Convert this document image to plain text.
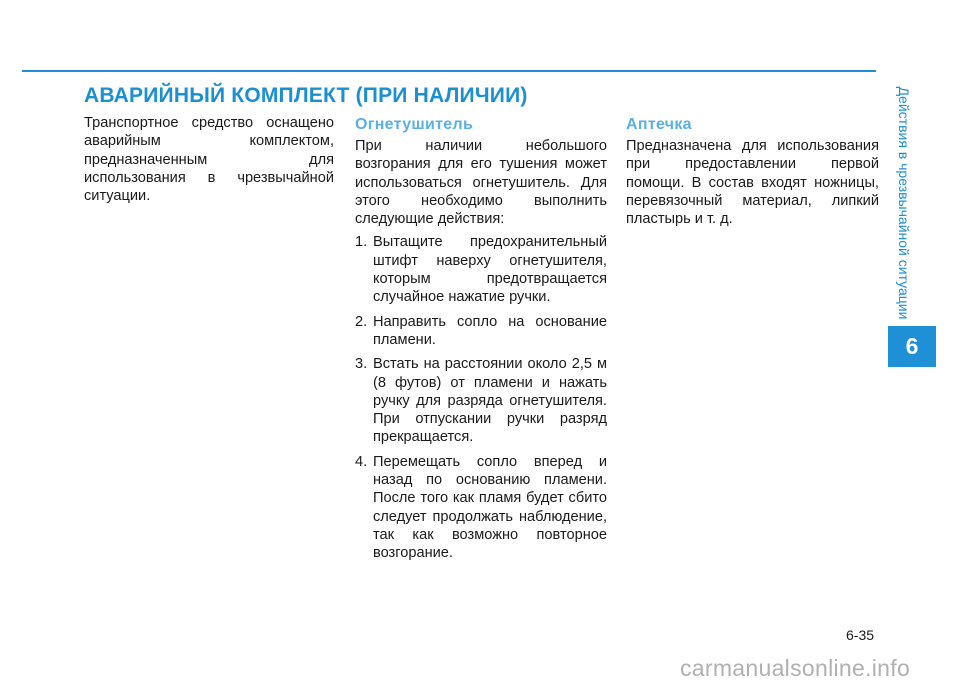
АВАРИЙНЫЙ КОМПЛЕКТ (ПРИ НАЛИЧИИ)

Транспортное средство оснащено аварийным комплектом, предназначенным для использования в чрезвычайной ситуации.

Огнетушитель

При наличии небольшого возгорания для его тушения может использоваться огнетушитель. Для этого необходимо выполнить следующие действия:

1. Вытащите предохранительный штифт наверху огнетушителя, которым предотвращается случайное нажатие ручки.
2. Направить сопло на основание пламени.
3. Встать на расстоянии около 2,5 м (8 футов) от пламени и нажать ручку для разряда огнетушителя. При отпускании ручки разряд прекращается.
4. Перемещать сопло вперед и назад по основанию пламени. После того как пламя будет сбито следует продолжать наблюдение, так как возможно повторное возгорание.
Аптечка

Предназначена для использования при предоставлении первой помощи. В состав входят ножницы, перевязочный материал, липкий пластырь и т. д.	Действия в чрезвычайной ситуации
6
6-35
carmanualsonline.info
